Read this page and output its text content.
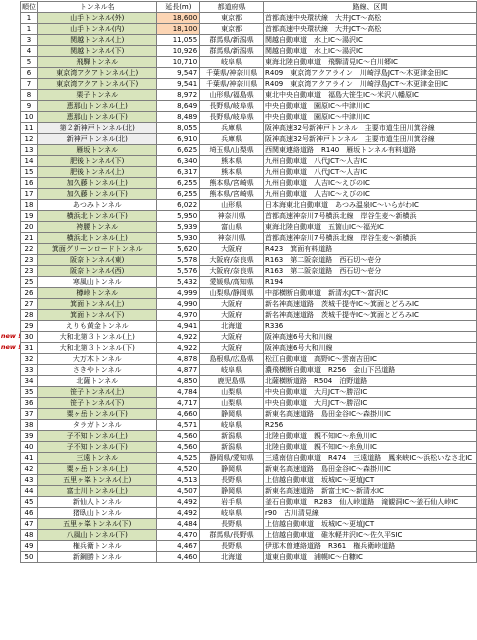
new !
new !
順位	トンネル名	延長(m)	都道府県	路線、区間
1	山手トンネル(外)	18,600	東京都	首都高速中央環状線　大井JCT～高松
1	山手トンネル(内)	18,100	東京都	首都高速中央環状線　大井JCT～高松
3	関越トンネル(上)	11,055	群馬県/新潟県	関越自動車道　水上IC～湯沢IC
4	関越トンネル(下)	10,926	群馬県/新潟県	関越自動車道　水上IC～湯沢IC
5	飛騨トンネル	10,710	岐阜県	東海北陸自動車道　飛騨清見IC～白川郷IC
6	東京湾アクアトンネル(上)	9,547	千葉県/神奈川県	R409　東京湾アクアライン　川崎浮島JCT～木更津金田IC
7	東京湾アクアトンネル(下)	9,541	千葉県/神奈川県	R409　東京湾アクアライン　川崎浮島JCT～木更津金田IC
8	栗子トンネル	8,972	山形県/福島県	東北中央自動車道　福島大笹生IC～米沢八幡原IC
9	恵那山トンネル(上)	8,649	長野県/岐阜県	中央自動車道　園原IC～中津川IC
10	恵那山トンネル(下)	8,489	長野県/岐阜県	中央自動車道　園原IC～中津川IC
11	第２新神戸トンネル(北)	8,055	兵庫県	阪神高速32号新神戸トンネル　主要市道生田川箕谷線
12	新神戸トンネル(北)	6,910	兵庫県	阪神高速32号新神戸トンネル　主要市道生田川箕谷線
13	雁坂トンネル	6,625	埼玉県/山梨県	西関東連絡道路　R140　雁坂トンネル有料道路
14	肥後トンネル(下)	6,340	熊本県	九州自動車道　八代JCT～人吉IC
15	肥後トンネル(上)	6,317	熊本県	九州自動車道　八代JCT～人吉IC
16	加久藤トンネル(上)	6,255	熊本県/宮崎県	九州自動車道　人吉IC～えびのIC
17	加久藤トンネル(下)	6,255	熊本県/宮崎県	九州自動車道　人吉IC～えびのIC
18	あつみトンネル	6,022	山形県	日本海東北自動車道　あつみ温泉IC～いらがわIC
19	横浜北トンネル(下)	5,950	神奈川県	首都高速神奈川7号横浜北線　岸谷生麦～新横浜
20	袴腰トンネル	5,939	富山県	東海北陸自動車道　五箇山IC～福光IC
21	横浜北トンネル(上)	5,930	神奈川県	首都高速神奈川7号横浜北線　岸谷生麦～新横浜
22	箕面グリーンロードトンネル	5,620	大阪府	R423　箕面有料道路
23	阪奈トンネル(東)	5,578	大阪府/奈良県	R163　第二阪奈道路　西石切～壱分
23	阪奈トンネル(西)	5,576	大阪府/奈良県	R163　第二阪奈道路　西石切～壱分
25	寒風山トンネル	5,432	愛媛県/高知県	R194
26	樽峠トンネル	4,999	山梨県/静岡県	中部横断自動車道　新清水JCT～富沢IC
27	箕面トンネル(上)	4,990	大阪府	新名神高速道路　茨城千提寺IC～箕面とどろみIC
28	箕面トンネル(下)	4,970	大阪府	新名神高速道路　茨城千提寺IC～箕面とどろみIC
29	えりも黄金トンネル	4,941	北海道	R336
30	大和北第３トンネル(上)	4,922	大阪府	阪神高速6号大和川線
31	大和北第３トンネル(下)	4,922	大阪府	阪神高速6号大和川線
32	大万木トンネル	4,878	島根県/広島県	松江自動車道　高野IC～雲南吉田IC
33	さきやトンネル	4,877	岐阜県	濃飛横断自動車道　R256　金山下呂道路
34	北薩トンネル	4,850	鹿児島県	北薩横断道路　R504　泊野道路
35	笹子トンネル(上)	4,784	山梨県	中央自動車道　大月JCT～勝沼IC
36	笹子トンネル(下)	4,717	山梨県	中央自動車道　大月JCT～勝沼IC
37	粟ヶ岳トンネル(下)	4,660	静岡県	新東名高速道路　島田金谷IC～森掛川IC
38	タラガトンネル	4,571	岐阜県	R256
39	子不知トンネル(上)	4,560	新潟県	北陸自動車道　親不知IC～糸魚川IC
40	子不知トンネル(下)	4,560	新潟県	北陸自動車道　親不知IC～糸魚川IC
41	三遠トンネル	4,525	静岡県/愛知県	三遠南信自動車道　R474　三遠道路　鳳来峡IC～浜松いなさ北IC
42	粟ヶ岳トンネル(上)	4,520	静岡県	新東名高速道路　島田金谷IC～森掛川IC
43	五里ヶ峯トンネル(上)	4,513	長野県	上信越自動車道　坂城IC～更埴JCT
44	富士川トンネル(上)	4,507	静岡県	新東名高速道路　新富士IC～新清水IC
45	新仙人トンネル	4,492	岩手県	釜石自動車道　R283　仙人峠道路　滝観洞IC～釜石仙人峠IC
46	猪臥山トンネル	4,492	岐阜県	r90　古川清見線
47	五里ヶ峯トンネル(下)	4,484	長野県	上信越自動車道　坂城IC～更埴JCT
48	八風山トンネル(下)	4,470	群馬県/長野県	上信越自動車道　碓氷軽井沢IC～佐久平SIC
49	権兵衛トンネル	4,467	長野県	伊那木曽連絡道路　R361　権兵衛峠道路
50	新鋼勝トンネル	4,460	北海道	道東自動車道　浦幌IC～白糠IC
